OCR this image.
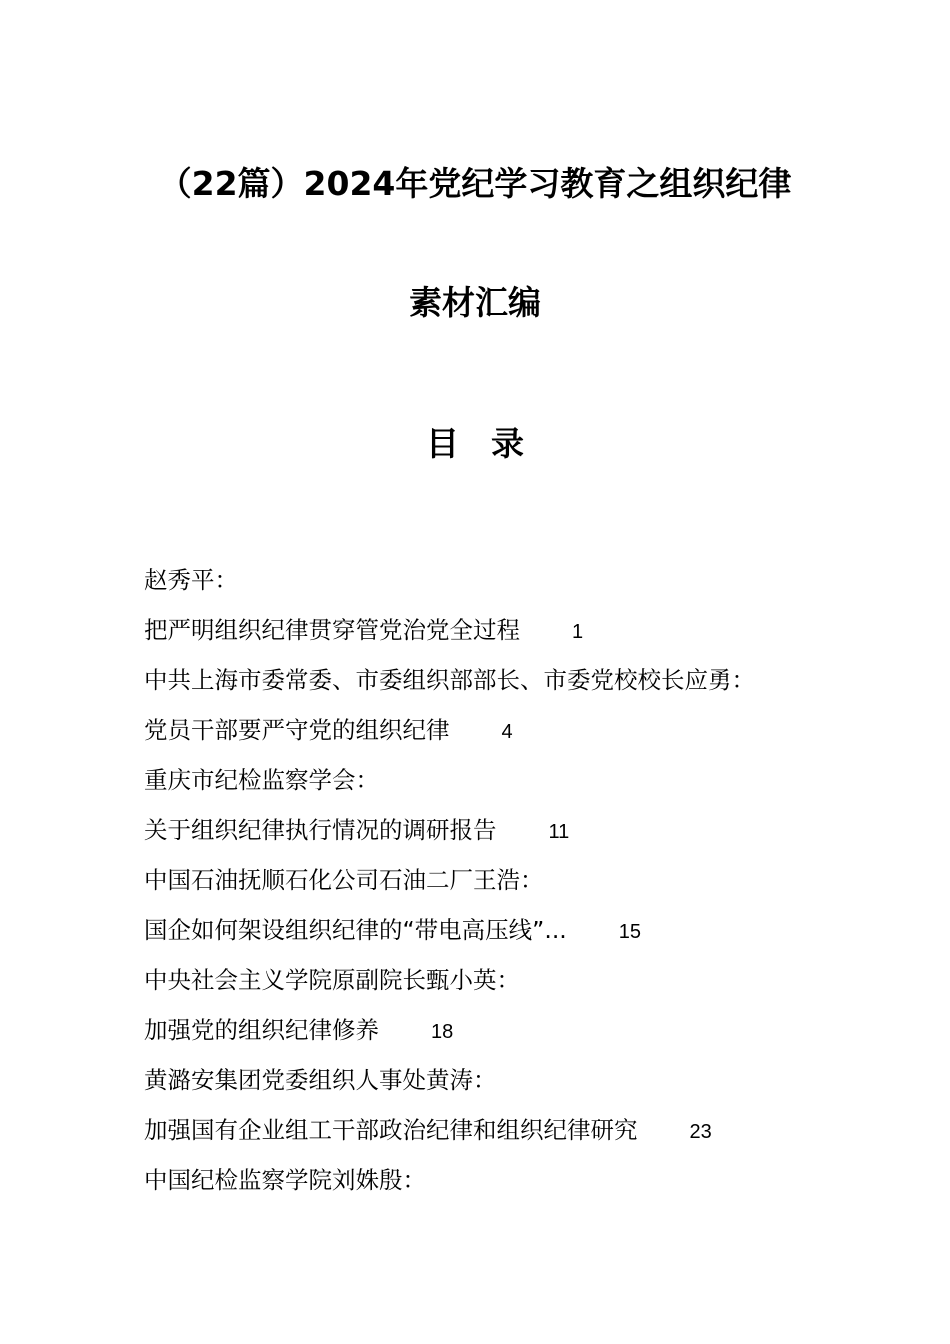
（22篇）2024年党纪学习教育之组织纪律
素材汇编
目录
赵秀平：
把严明组织纪律贯穿管党治党全过程	1
中共上海市委常委、市委组织部部长、市委党校校长应勇：
党员干部要严守党的组织纪律	4
重庆市纪检监察学会：
关于组织纪律执行情况的调研报告	11
中国石油抚顺石化公司石油二厂王浩：
国企如何架设组织纪律的“带电高压线”...	15
中央社会主义学院原副院长甄小英：
加强党的组织纪律修养	18
黄潞安集团党委组织人事处黄涛：
加强国有企业组工干部政治纪律和组织纪律研究	23
中国纪检监察学院刘姝殷：
